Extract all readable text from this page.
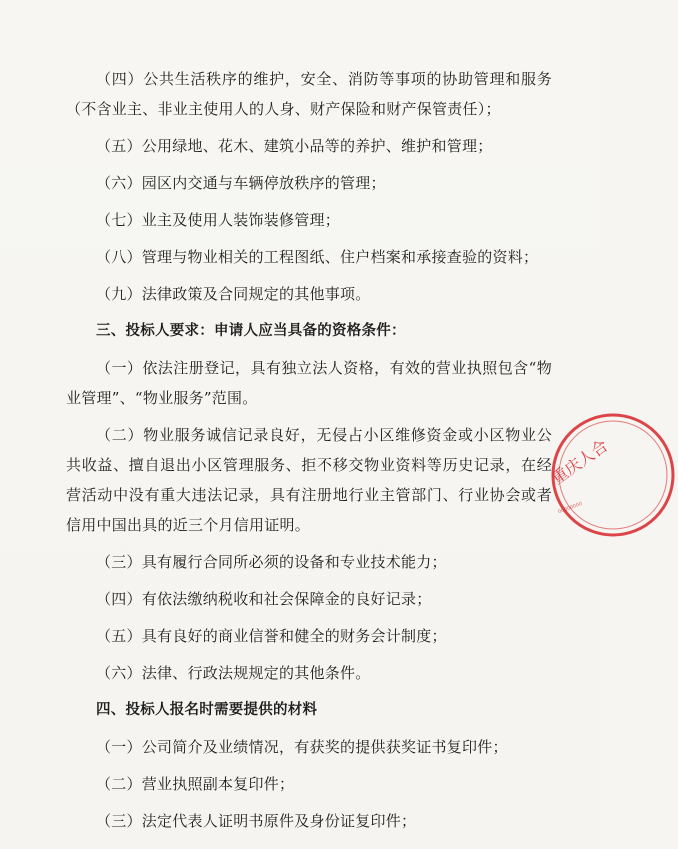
（四）公共生活秩序的维护，安全、消防等事项的协助管理和服务（不含业主、非业主使用人的人身、财产保险和财产保管责任）；

（五）公用绿地、花木、建筑小品等的养护、维护和管理；

（六）园区内交通与车辆停放秩序的管理；

（七）业主及使用人装饰装修管理；

（八）管理与物业相关的工程图纸、住户档案和承接查验的资料；

（九）法律政策及合同规定的其他事项。

三、投标人要求：申请人应当具备的资格条件：

（一）依法注册登记，具有独立法人资格，有效的营业执照包含“物业管理”、“物业服务”范围。

（二）物业服务诚信记录良好，无侵占小区维修资金或小区物业公共收益、擅自退出小区管理服务、拒不移交物业资料等历史记录，在经营活动中没有重大违法记录，具有注册地行业主管部门、行业协会或者信用中国出具的近三个月信用证明。

（三）具有履行合同所必须的设备和专业技术能力；

（四）有依法缴纳税收和社会保障金的良好记录；

（五）具有良好的商业信誉和健全的财务会计制度；

（六）法律、行政法规规定的其他条件。

四、投标人报名时需要提供的材料

（一）公司简介及业绩情况，有获奖的提供获奖证书复印件；

（二）营业执照副本复印件；

（三）法定代表人证明书原件及身份证复印件；

重庆人合
00000000
